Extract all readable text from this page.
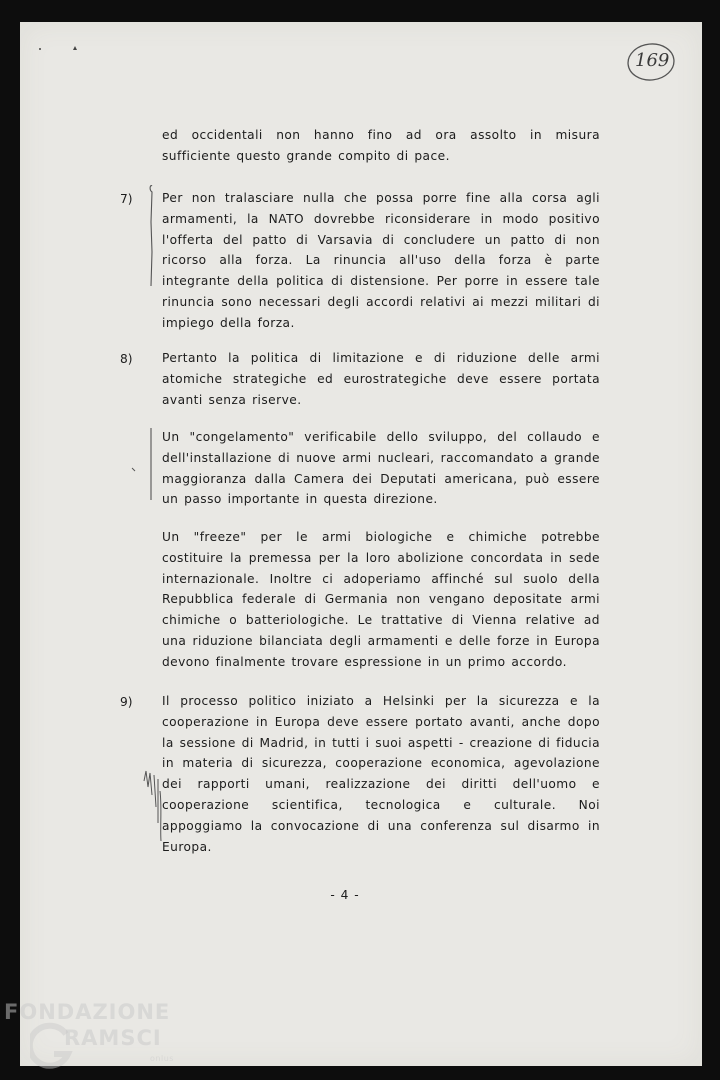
169
ed occidentali non hanno fino ad ora assolto in misura sufficiente questo grande compito di pace.
7) Per non tralasciare nulla che possa porre fine alla corsa agli armamenti, la NATO dovrebbe riconsiderare in modo positivo l'offerta del patto di Varsavia di concludere un patto di non ricorso alla forza. La rinuncia all'uso della forza è parte integrante della politica di distensione. Per porre in essere tale rinuncia sono necessari degli accordi relativi ai mezzi militari di impiego della forza.
8) Pertanto la politica di limitazione e di riduzione delle armi atomiche strategiche ed eurostrategiche deve essere portata avanti senza riserve.
Un "congelamento" verificabile dello sviluppo, del collaudo e dell'installazione di nuove armi nucleari, raccomandato a grande maggioranza dalla Camera dei Deputati americana, può essere un passo importante in questa direzione.
Un "freeze" per le armi biologiche e chimiche potrebbe costituire la premessa per la loro abolizione concordata in sede internazionale. Inoltre ci adoperiamo affinché sul suolo della Repubblica federale di Germania non vengano depositate armi chimiche o batteriologiche. Le trattative di Vienna relative ad una riduzione bilanciata degli armamenti e delle forze in Europa devono finalmente trovare espressione in un primo accordo.
9) Il processo politico iniziato a Helsinki per la sicurezza e la cooperazione in Europa deve essere portato avanti, anche dopo la sessione di Madrid, in tutti i suoi aspetti - creazione di fiducia in materia di sicurezza, cooperazione economica, agevolazione dei rapporti umani, realizzazione dei diritti dell'uomo e cooperazione scientifica, tecnologica e culturale. Noi appoggiamo la convocazione di una conferenza sul disarmo in Europa.
- 4 -
FONDAZIONE
RAMSCI
onlus
